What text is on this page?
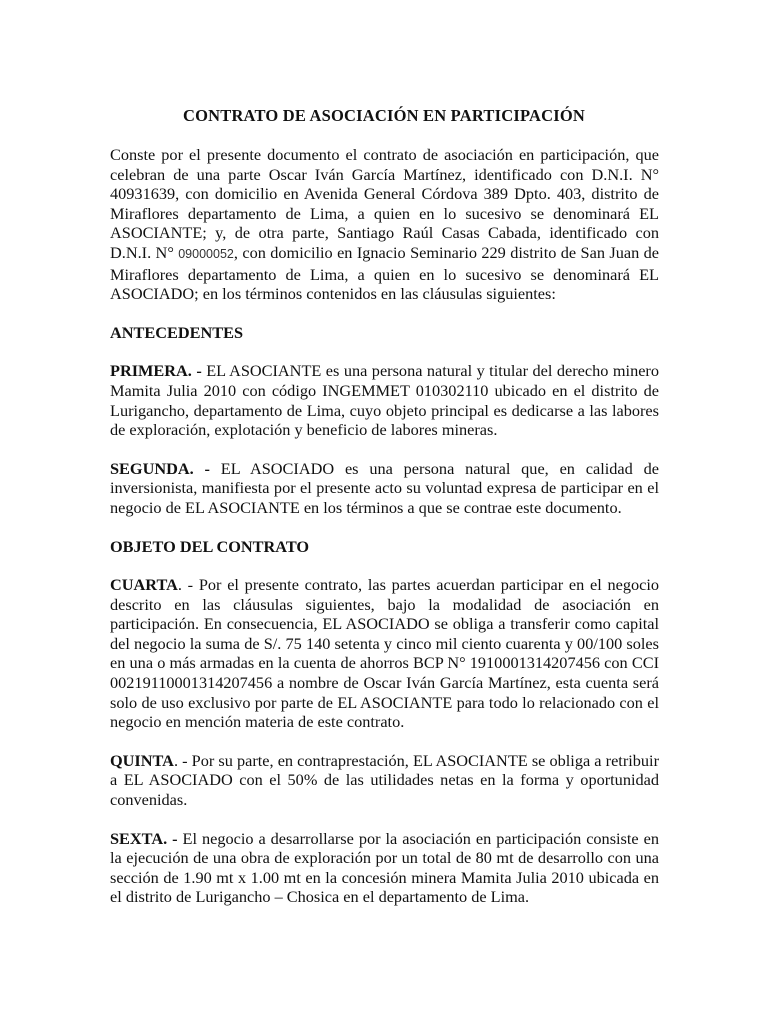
CONTRATO DE ASOCIACIÓN EN PARTICIPACIÓN

Conste por el presente documento el contrato de asociación en participación, que celebran de una parte Oscar Iván García Martínez, identificado con D.N.I. N° 40931639, con domicilio en Avenida General Córdova 389 Dpto. 403, distrito de Miraflores departamento de Lima, a quien en lo sucesivo se denominará EL ASOCIANTE; y, de otra parte, Santiago Raúl Casas Cabada, identificado con D.N.I. N° 09000052, con domicilio en Ignacio Seminario 229 distrito de San Juan de Miraflores departamento de Lima, a quien en lo sucesivo se denominará EL ASOCIADO; en los términos contenidos en las cláusulas siguientes:

ANTECEDENTES

PRIMERA. - EL ASOCIANTE es una persona natural y titular del derecho minero Mamita Julia 2010 con código INGEMMET 010302110 ubicado en el distrito de Lurigancho, departamento de Lima, cuyo objeto principal es dedicarse a las labores de exploración, explotación y beneficio de labores mineras.

SEGUNDA. - EL ASOCIADO es una persona natural que, en calidad de inversionista, manifiesta por el presente acto su voluntad expresa de participar en el negocio de EL ASOCIANTE en los términos a que se contrae este documento.

OBJETO DEL CONTRATO

CUARTA. - Por el presente contrato, las partes acuerdan participar en el negocio descrito en las cláusulas siguientes, bajo la modalidad de asociación en participación. En consecuencia, EL ASOCIADO se obliga a transferir como capital del negocio la suma de S/. 75 140 setenta y cinco mil ciento cuarenta y 00/100 soles en una o más armadas en la cuenta de ahorros BCP N° 1910001314207456 con CCI 00219110001314207456 a nombre de Oscar Iván García Martínez, esta cuenta será solo de uso exclusivo por parte de EL ASOCIANTE para todo lo relacionado con el negocio en mención materia de este contrato.

QUINTA. - Por su parte, en contraprestación, EL ASOCIANTE se obliga a retribuir a EL ASOCIADO con el 50% de las utilidades netas en la forma y oportunidad convenidas.

SEXTA. - El negocio a desarrollarse por la asociación en participación consiste en la ejecución de una obra de exploración por un total de 80 mt de desarrollo con una sección de 1.90 mt x 1.00 mt en la concesión minera Mamita Julia 2010 ubicada en el distrito de Lurigancho – Chosica en el departamento de Lima.
